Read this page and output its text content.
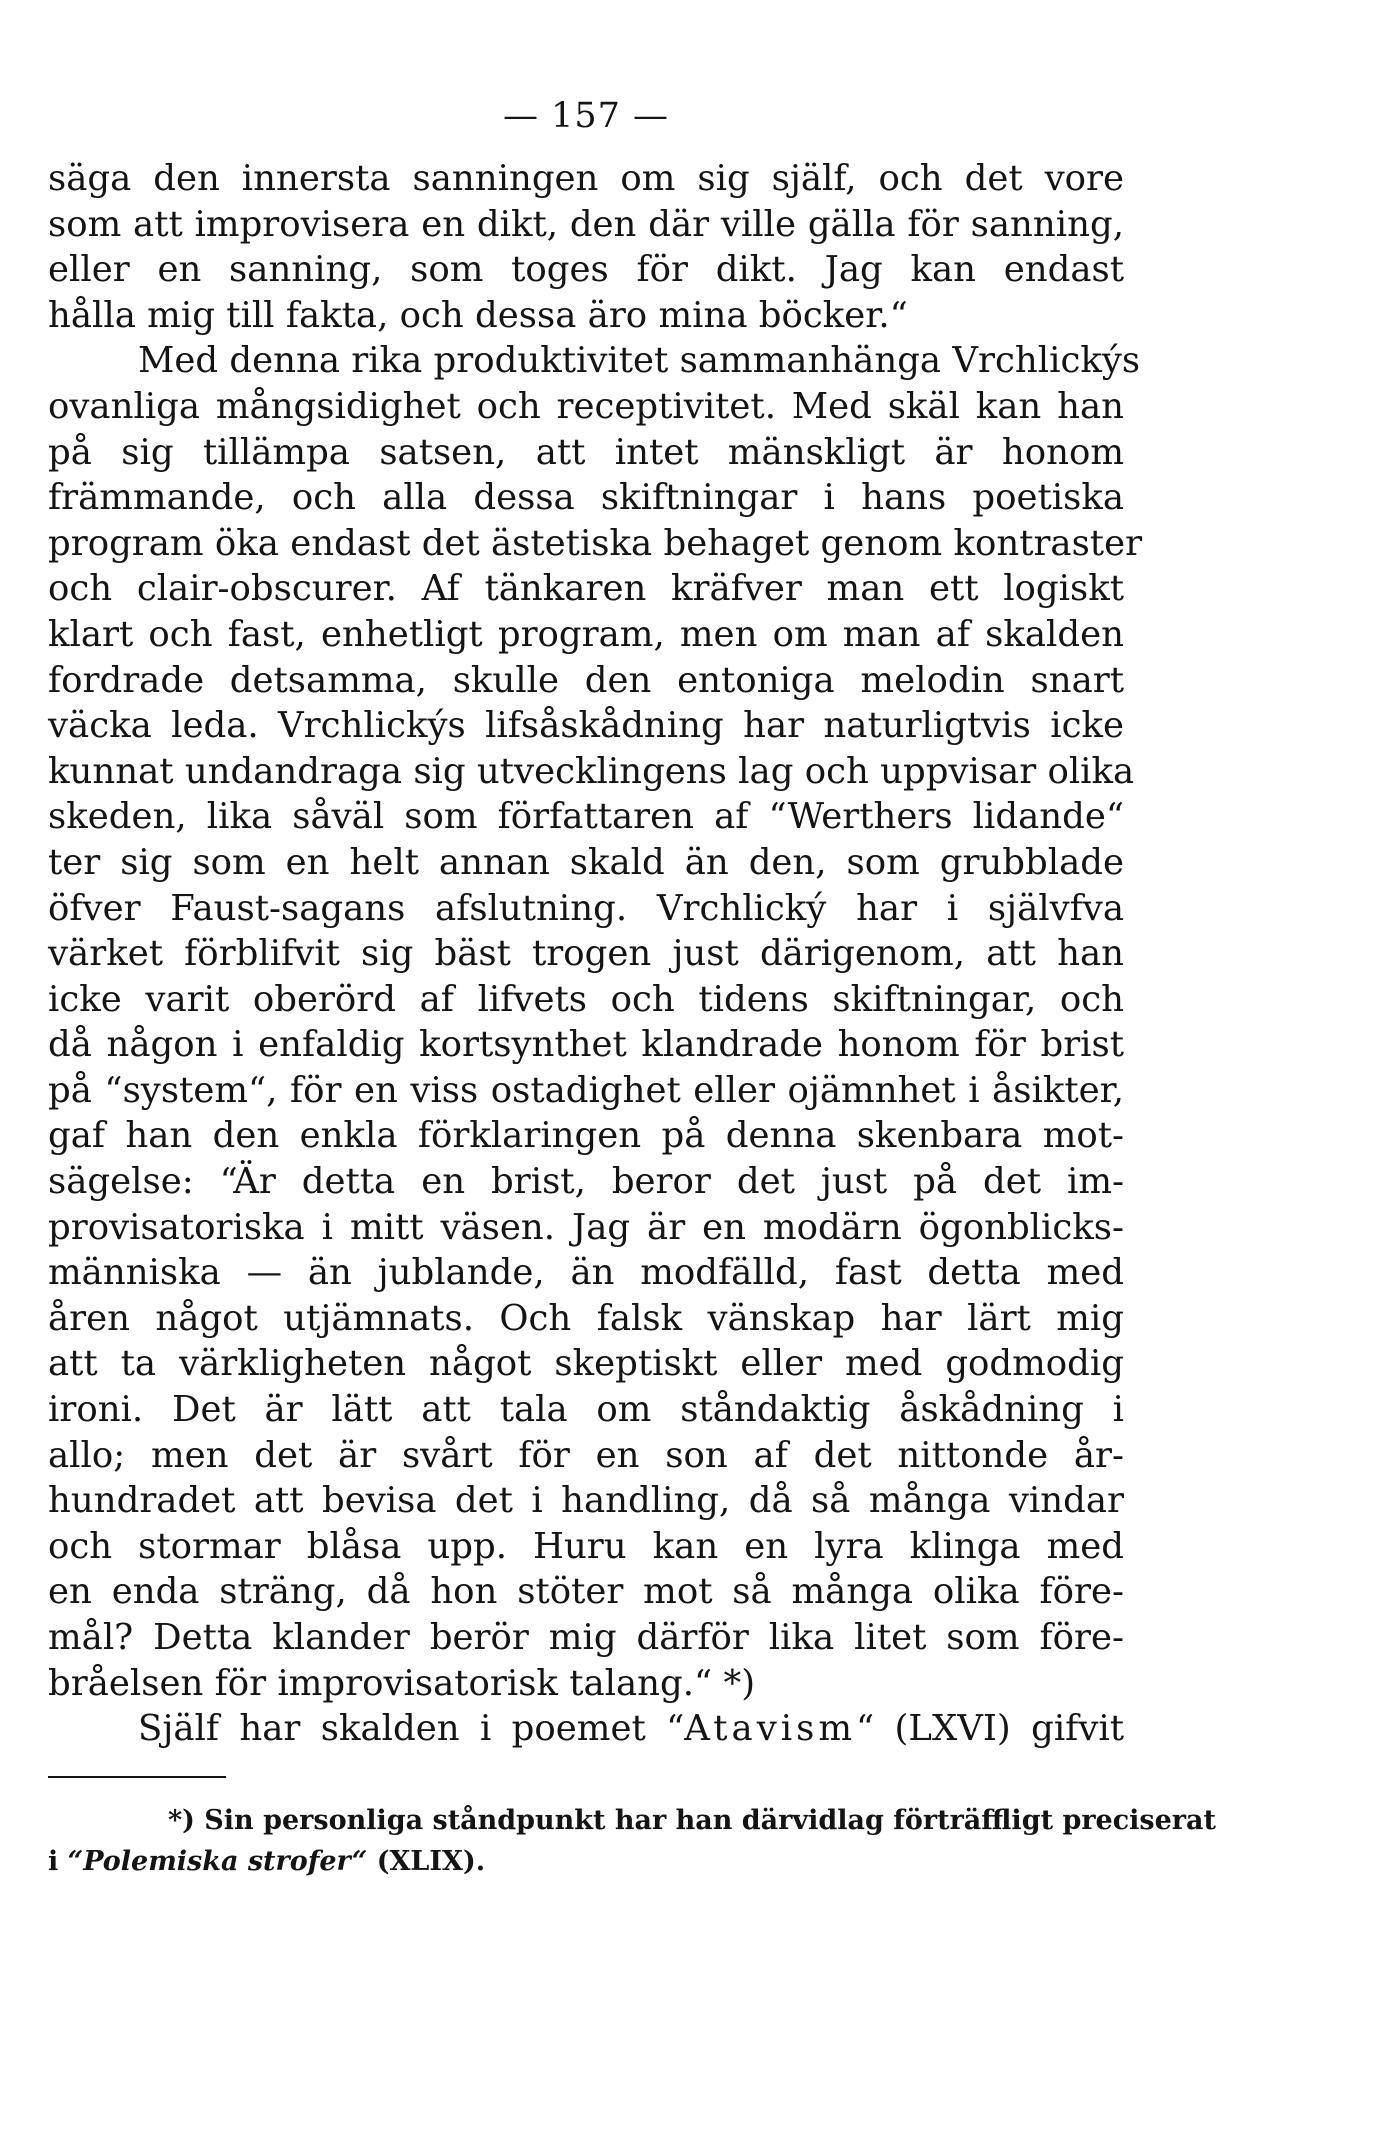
— 157 —
säga den innersta sanningen om sig själf, och det vore
som att improvisera en dikt, den där ville gälla för sanning,
eller en sanning, som toges för dikt. Jag kan endast
hålla mig till fakta, och dessa äro mina böcker.“
Med denna rika produktivitet sammanhänga Vrchlickýs
ovanliga mångsidighet och receptivitet. Med skäl kan han
på sig tillämpa satsen, att intet mänskligt är honom
främmande, och alla dessa skiftningar i hans poetiska
program öka endast det ästetiska behaget genom kontraster
och clair-obscurer. Af tänkaren kräfver man ett logiskt
klart och fast, enhetligt program, men om man af skalden
fordrade detsamma, skulle den entoniga melodin snart
väcka leda. Vrchlickýs lifsåskådning har naturligtvis icke
kunnat undandraga sig utvecklingens lag och uppvisar olika
skeden, lika såväl som författaren af “Werthers lidande“
ter sig som en helt annan skald än den, som grubblade
öfver Faust-sagans afslutning. Vrchlický har i självfva
värket förblifvit sig bäst trogen just därigenom, att han
icke varit oberörd af lifvets och tidens skiftningar, och
då någon i enfaldig kortsynthet klandrade honom för brist
på “system“, för en viss ostadighet eller ojämnhet i åsikter,
gaf han den enkla förklaringen på denna skenbara mot-
sägelse: “Är detta en brist, beror det just på det im-
provisatoriska i mitt väsen. Jag är en modärn ögonblicks-
människa — än jublande, än modfälld, fast detta med
åren något utjämnats. Och falsk vänskap har lärt mig
att ta värkligheten något skeptiskt eller med godmodig
ironi. Det är lätt att tala om ståndaktig åskådning i
allo; men det är svårt för en son af det nittonde år-
hundradet att bevisa det i handling, då så många vindar
och stormar blåsa upp. Huru kan en lyra klinga med
en enda sträng, då hon stöter mot så många olika före-
mål? Detta klander berör mig därför lika litet som före-
bråelsen för improvisatorisk talang.“ *)
Själf har skalden i poemet “Atavism“ (LXVI) gifvit
*) Sin personliga ståndpunkt har han därvidlag förträffligt preciserat
i “Polemiska strofer“ (XLIX).
